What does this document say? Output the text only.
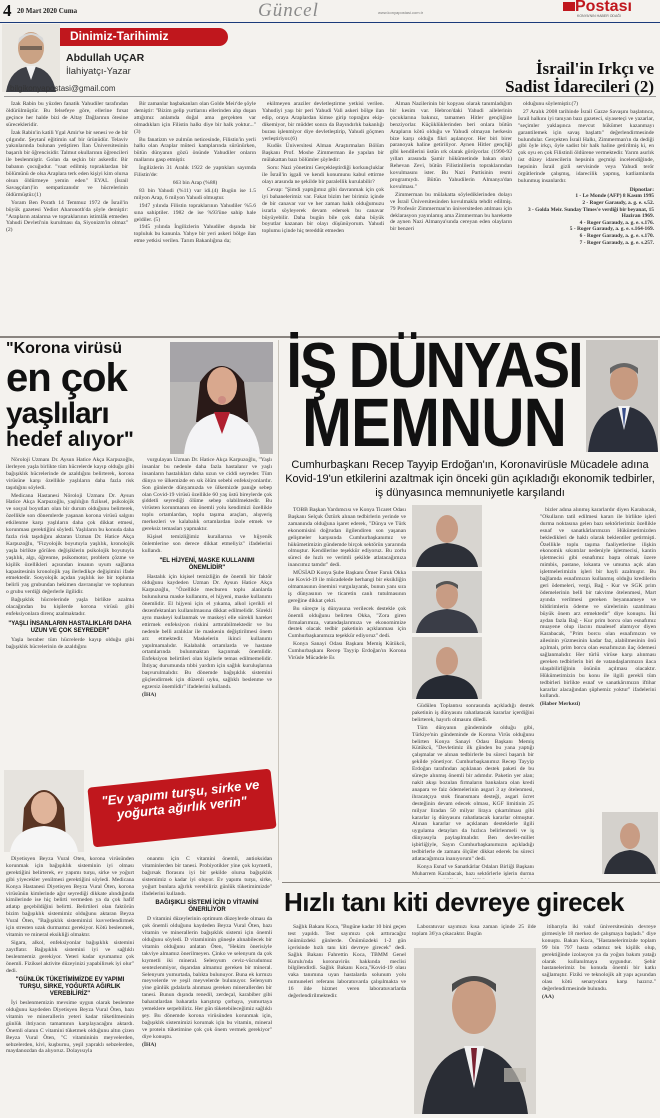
4 20 Mart 2020 Cuma	Güncel	www.konyapostasi.com.tr	Postası
KONYA'NIN HABER ODAĞI
Dinimiz-Tarihimiz
Abdullah UÇAR
İlahiyatçı-Yazar
bilgikonyapostasi@gmail.com
İsrail'in Irkçı ve
Sadist İdarecileri (2)

İzak Rabin bu yüzden fanatik Yahudiler tarafından öldürülmüştür. Bu felsefeye göre, ellerine fırsat geçince her halde bizi de Altay Dağlarının ötesine sürecekleridir.

İzak Rabin'in katili Ygal Amir'se bir senesi ve de bir çılgındır. Şeytanî eğitimin saf bir ürünüdür. Telaviv yakınlarında bulunan yetiştiren İlan Üniversitesinin başarılı bir öğrencisidir. Talmut okullarının öğrencileri ile beslenmiştir. Golan da seçkin bir askerdir. Bir babanın çocuğudur. "vaat edilmiş topraklardan bir bölümünü de olsa Araplara terk eden kişiyi kim olursa olsun öldürmeye yemin eden" EYAL (İsrail Savaşçıları)'in sempatizanıdır ve hücrelerinin öldürmüştür.(1)

Yoram Ben Porath 14 Temmuz 1972 de İsrail'in büyük gazetesi Yediot Aharonoth'da şöyle demiştir: "Arapların atalarına ve topraklarının istimlâk etmeden Yahudi Devleti'nin kurulması da, Siyonizm'in olmaz"(2)

Bir zamanlar başbakanları olan Golde Meir'de şöyle demiştir: "Bizim gelip yurtlarını ellerinden alıp duşan attığımız anlamda doğal ama gerçekten var olmadıkları için Filistin halkı diye bir halk yoktur..."(3)

Bu fanatizm ve zulmün neticesinde, Filistin'in yerli halkı olan Araplar müteci kamplarında sürünürken, bütün dünyanın gözü önünde Yahudiler onların mallarını gasp etmiştir.

İngilizlerin 31 Aralık 1922 de yaptıkları sayımda Filistin'de:

663 bin Arap (%88)

83 bin Yahudi (%11) var idi.(4) Bugün ise 1.5 milyon Arap, 6 milyon Yahudi olmuştur.

1947 yılında Filistin topraklarının Yahudiler %5.6 sına sahiptiler. 1982 de ise %93'üne sahip hale geldiler. (5)

1945 yılında İngilizlerin Yahudiler dışında bir topluluk bu kanunla. Yahye bir yeri askeri bölge ilan etme yetkisi verilen. Tarım Bakanlığına da;

ekilmeyen araziler devletleştirme yetkisi verilen. Yahudiyi yaşı bir peri Yahudi Vali askeri bölge ilan edip, oraya Araplardan kimse girip toprağını ekip-dikemiyor, bir müddet sonra da Bayındırlık bakanlığı burası işlenmiyor diye devletleştirip, Yahudi göçmen yerleştiriyor.(6)

Kudüs Üniversitesi Alman Araştırmaları Bölüm Başkanı Prof. Moshe Zimmerman ile yapılan bir mülakattan bazı bölümler şöyledir:

Soru: Nazi yönetimi Gerçekleştirdiği korkunçluklar ile İsrail'in işgali ve kendi konumunu kabul ettirme olayı arasında ne şekilde bir paralellik kurulabilir?

Cevap: "Şimdi yaptığımız gibi davranmak için çok iyi bahanelerimiz var. Fakat bizim her birimiz içinde de bir canavar var ve her zaman haklı olduğumuzu israrla söyleyerek devam edersek bu canavar büyüyebilir. Daha bugün bile çok daha büyük boyutlar kazanan bir olayı düşünüyorum. Yahudi toplumu içinde hiç tereddüt etmeden

Alman Nazilerinin bir kopyası olarak tanımladığım bir kesim var. Hebron'daki Yahudi ailelerinin çocuklarına bakınız, tamamen Hitler gençliğine benziyorlar. Küçüklüklerinden beri onlara bütün Arapların kötü olduğu ve Yahudi olmayan herkesin bize karşı olduğu fikri aşılanıyor. Her biri birer paranoyak haline getiriliyor. Aynen Hitler gençliği gibi kendilerini üstün ırk olarak görüyorlar. (1990-92 yılları arasında Şamir hükümetinde bakan olan) Rehevan Zevi, bütün Filistinlilerin topraklarından kovulmasını ister. Bu Nazi Partisinin resmi programıydı. Bütün Yahudilerin Almanya'dan kovulması."

Zimmerman bu mülakatta söylediklerinden dolayı ve İsrail Üniversitesinden kovulmakla tehdit edilmiş. 79 Profesör Zimmerman'ın üniversiteden atılması için deklarasyon yayınlamış ama Zimmerman bu harekette de aynen Nazi Almanya'sında cereyan eden olayların bir benzeri

olduğunu söylemiştir.(7)

27 Aralık 2008 tarihinde İsrail Gazze Savaşını başlatınca, İsrail halkını iyi tanıyan bazı gazeteci, siyaseteçi ve yazarlar, "seçimler yaklaşınca mevcut hükümet kazanmayı garantilemek için savaş başlattı" değerlendirmesinde bulundular. Gerçekten İsrail Halkı, Zimmerman'ın da dediği gibi öyle irkçı, öyle sadist bir halk haline getirilmiş ki, en çok oyu en çok Filistinli öldürene vermektedir. Yarım asırlık üst düzey idarecilerin hepsinin geçmişi incelendiğinde, hepsinin İsrail gizli servisinde veya Yahudi terör örgütlerinde çalışmış, idarecilik yapmış, katliamlarda bulunmuş insanlardır.

Dipnotlar:
1 - Le Monde (AFP) 8 Kasım 1995
2 - Roger Garaudy, a. g. e. s.52.
3 - Golda Meir. Sunday Times'e verdiği bir beyanat, 15 Haziran 1969.
4 - Roger Garaudy, a. g. e. s.176.
5 - Roger Garaudy, a. g. e. s.164-169.
6 - Roger Garaudy, a. g. e. s.170.
7 - Roger Garaudy, a. g. e. s.257.
"Korona virüsü
en çok
yaşlıları
hedef alıyor"

Nöroloji Uzmanı Dr. Aysun Hatice Akça Karpuzoğlu, ilerleyen yaşla birlikte tüm hücrelerde kayıp olduğu gibi bağışıklık hücrelerinde de azaldığını belirterek, korona virüsüne karşı özellikle yaşlıların daha fazla risk taşıdığını söyledi.

Medicana Hastanesi Nöroloji Uzmanı Dr. Aysun Hatice Akça Karpuzoğlu, yaşlılığın fiziksel, psikolojik ve sosyal boyutları olan bir durum olduğunu belirterek, özellikle son dönemlerde yaşanan korona virüsü salgını etkilenme karşı yaşlıların daha çok dikkat etmesi, korunması gerektiğini söyledi. Yaşlıların bu konuda daha fazla risk taşıdığını aktaran Uzman Dr. Hatice Akça Karpuzoğlu, "Fizyolojik boyutuyla yaşlılık, kronolojik yaşla birlikte görülen değişiklerin psikolojik boyutuyla yaşlılık, algı, öğrenme, psikomotor, problem çözme ve kişilik özellikleri açısından insanın uyum sağlama kapasitesinin kronolojik yaş ilerledikçe değişimini ifade etmektedir. Sosyolojik açıdan yaşlılık ise bir topluma belirli yaş grubundan hekimen davranışlar ve toplumun o grubu verdiği değerlerle ilgilidir.

Bağışıklık hücrelerinde yaşla birlikte azalma olacağından bu kişilerde korona virüsü gibi enfeksiyonlara direnç azalmaktadır.

"YAŞLI İNSANLARIN HASTALIKLARI DAHA UZUN VE ÇOK SEYREDER"

Yaşla beraber tüm hücrelerde kayıp olduğu gibi bağışıklık hücrelerinin de azaldığını

vurgulayan Uzman Dr. Hatice Akça Karpuzoğlu, "Yaşlı insanlar bu nedenle daha fazla hastalanır ve yaşlı insanların hastalıkları daha uzun ve ciddi seyreder. Tüm dünya ve ülkemizde en sık ölüm sebebi enfeksiyonlardır. Son günlerde dünyamızda ve ülkemizde panığe sebep olan Covid-19 virüsü özellikle 60 yaş üstü bireylerde çok şiddetli seyrediği ölüme sebep olabilmektedir. Bu virüsten korunmanın en önemli yolu kendimizi özellikle toplu ortamlardan, toplu taşıma araçları, alışveriş merkezleri ve kalabalık ortamlardan izole etmek ve gereksiz temasları yapmaktır.

Kişisel temizliğimiz kurallarına ve hijyenik önlemlerine son derece dikkat etmeliyiz" ifadelerini kullandı.

"EL HİJYENİ, MASKE KULLANIMI ÖNEMLİDİR"

Hastalık için kişisel temizliğin de önemli bir faktör olduğunu kaydeden Uzman Dr. Aysun Hatice Akça Karpuzoğlu, "Özellikle mecburen toplu alanlarda bulunulursa maske kullanımı, el hijyeni, maske kullanımı önemlidir. El hijyeni için el yıkama, alkol içerikli el dezenfektanları kullanılmasına dikkat edilmelidir. Sürekli aynı maskeyi kullanmak ve maskeyi elle sürekli hareket ettirmek enfeksiyon riskini arttırabilmektedir ve bu nedenle belli aralıklar ile maskenin değiştirilmesi önem arz etmektedir. Maskelerin ikinci kullanımı yapılmamalıdır. Kalabalık ortamlarda ve hastane ortamlarında bulunmaktan kaçınmak önemlidir. Enfeksiyon belirtileri olan kişilerle temas edilmemelidir. İhtiyaç durumunda tıbbi yardım için sağlık kuruluşlarına başvurulmalıdır. Bu dönemde bağışıklık sistemini güçlendirmek için düzenli uyku, sağlıklı beslenme ve egzersiz önemlidir" ifadelerini kullandı.

(İHA)
"Ev yapımı turşu, sirke ve yoğurta ağırlık verin"

Diyetisyen Beyza Vural Öten, korona virüsünden korunmak için bağışıklık sisteminin iyi olması gerektiğini belirterek, ev yapımı turşu, sirke ve yoğurt gibi yiyecekler yenilmesi gerektiğini söyledi. Medicana Konya Hastanesi Diyetisyen Beyza Vural Öten, korona virüsünün kimlerinde ağır seyrediği dikkate alındığında kimilerinde ise hiç belirti vermeden ya da çok hafif atlatıp geçebildiğini belirtti. Belirtileri olan faktörün bizim bağışıklık sistemimiz olduğunu aktaran Beyza Vural Öten, "Bağışıklık sistemimizi kuvvetlendirmek için stresten uzak durmamız gerekiyor. Kötü beslenmek, vitamin ve mineral eksikliği olmaktır.

Sigara, alkol, enfeksiyonlar bağışıklık sistemini zayıflatır. Bağışıklık sistemini iyi ve sağlıklı beslenmemiz gerekiyor. Yeteri kadar uyumamız çok önemli. Fiziksel aktivite düzeyinizi yapabilirsek iyi olur" dedi.

"GÜNLÜK TÜKETİMİMİZDE EV YAPIMI TURŞU, SİRKE, YOĞURTA AĞIRLIK VEREBİLİRİZ"

İyi beslenmemizin mevsime uygun olarak beslenme olduğunu kaydeden Diyetisyen Beyza Vural Öten, bazı vitamin ve minerallerin yeteri kadar tüketilmesinin günlük ihtiyacın tamamının karşılayacağını aktardı. Önemli olanın C vitamini tüketmek olduğunu altın çizen Beyza Vural Öten, "C vitamininin meyvelerden, sebzelerden, kivi, kuşburnu, yeşil yapraklı sebzelerden, maydanozdan da alıyoruz. Dolayısıyla

onanmı için C vitamini önemli, antioksidan vitaminlerden bir tanesi. Probiyotikler yine çok kıymetli, bağırsak florasını iyi bir şekilde olursa bağışıklık sistemimiz o kadar iyi oluyor. Ev yapımı turşu, sirke, yoğurt bunlara ağırlık verebiliriz günlük tüketimimizde" ifadelerini kullandı.

BAĞIŞIKLI SİSTEMİ İÇİN D VİTAMİNİ ÖNERİLİYOR

D vitamini düzeylerinin optimum düzeylerde olması da çok önemli olduğunu kaydeden Beyza Vural Öten, bazı vitamin ve minerallerin bağışıklık sistemi için önemli olduğunu söyledi. D vitamininin güneşle alınabilecek bir vitamin olduğunu anlatan Öten, "Hekim önerisiyle takviye almamız önerilmeyen. Çinko ve selenyum da çok kıymetli iki mineral. Selenyum ceviz-vücudumuz sentezlenmiyor, dışarıdan almamız gereken bir mineral. Selenyum yumurtada, balıkta bulunuyor. Buna ek kırmızı meyvelerde ve yeşil meyvelerde bulunuyor. Selenyum yine günlük gıdalarla alınması gereken minerallerden bir tanesi. Bunun dışında renedil, zerdeçal, karabiber gibi baharatlardan baharatla karıştırıp çorbaya, yumurtaya yemeklere serpebiliriz. Her gün tüketebileceğimiz sağlıklı şey. Bu dönemde korona virüsünden korunmak için, bağışıklık sistemimizi korumak için bu vitamin, mineral ve protein tüketimine çok çok önem vermek gerekiyor" diye konuştu.

(İHA)
İŞ DÜNYASI
MEMNUN
Cumhurbaşkanı Recep Tayyip Erdoğan'ın, Koronavirüsle Mücadele adına Kovid-19'un etkilerini azaltmak için önceki gün açıkladığı ekonomik tedbirler, iş dünyasınca memnuniyetle karşılandı

TOBB Başkan Yardımcısı ve Konya Ticaret Odası Başkanı Selçuk Öztürk alınan tedbirlerin yerinde ve zamanında olduğuna işaret ederek, "Dünya ve Türk ekonomisini doğrudan ilgilendiren son yaşanan gelişmeler karşısında Cumhurbaşkanımız ve hükümetimizin gündemde birçok sektörün yararında olmuştur. Kendilerine teşekkür ediyoruz. Bu zorlu süreci de hızlı ve verimli şekilde atlatacağımıza inancımız tamdır" dedi.

MÜSİAD Konya Şube Başkanı Ömer Faruk Okka ise Kovid-19 ile mücadelede herhangi bir eksikliğin olmamasının önemini vurgulayarak, bunun yanı sıra iş dünyasının ve ticaretin canlı tutulmasının gereğine dikkat çekti.

Bu süreçte iş dünyasına verilecek destekle çok önemli olduğunu belirten Okka, "Zora giren firmalarımıza, vatandaşlarımıza ve ekonomimize destek olacak tedbir paketinin açıklanması için Cumhurbaşkanımıza teşekkür ediyoruz" dedi.

Konya Sanayi Odası Başkanı Memiş Kütükcü, Cumhurbaşkanı Recep Tayyip Erdoğan'ın Korona Virüsle Mücadele Es

Güdülen Toplantısı sonrasında açıkladığı destek paketinin iş dünyasını rahatlatacak kararlar içerdiğini belirterek, hayırlı olmasını diledi.

Tüm dünyanın gündeminde olduğu gibi, Türkiye'nin gündeminde de Korona Virüs olduğunu belirten Konya Sanayi Odası Başkanı Memiş Kütükcü, "Devletimiz ilk günden bu yana yaptığı çalışmalar ve alınan tedbirlerle bu süreci başarılı bir şekilde yönetiyor. Cumhurbaşkanımız Recep Tayyip Erdoğan tarafından açıklanan destek paketi de bu süreçte alınmış önemli bir adımdır. Paketin yer alan; nakit akışı bozulan firmaların bankalara olan kredi anapara ve faiz ödemelerinin asgari 3 ay ötelenmesi, ihracatçıya stok finansmanı desteği, asgari ücret desteğinin devam edecek olması, KGF limitinin 25 milyar liradan 50 milyar liraya çıkartılması gibi kararlar iş dünyasını rahatlatacak kararlar olmuştur. Alınan kararlar ve açıklanan desteklerle ilgili uygulama detayları da hızlıca belirlenmeli ve iş dünyasıyla paylaşılmalıdır. Ben devlet-millet işbirliğiyle, Sayın Cumhurbaşkanımızın açıkladığı tedbirlerle de zamanı ölçüler dikkat ederek bu süreci atlatacağımıza inanıyorum" dedi.

Konya Esnaf ve Sanatkârlar Odaları Birliği Başkanı Muharrem Karabacak, bazı sektörlerle işlerin durma

bizler adına alınmış kararlardır diyen Karabacak, "Okulların tatil edilmesi kararı ile birlikte işleri durma noktasına gelen bazı sektörlerimiz özellikle esnaf ve sanatkârlarımızın Hükümetimizden bekledikleri de haklı olarak beklentiler getirmişti. Özellikle toplu taşıma faaliyetlerine ilişkin ekonomik sıkıntılar nedeniyle işletmecisi, kantin işletmecisi gibi esnafımız başta olmak üzere mimbis, pastane, lokanta ve umuma açık alan işletmelerimizin işleri bir hayli azalmıştır. Bu bağlamda esnafımızın kullanmış olduğu kredilerin geri ödemeleri, vergi, Bağ - Kur ve SGK prim ödemelerinin belli bir takvime ötelenmesi, Mart ayında verilmesi gereken beyannameye ve bildirimlerin ödeme ve sürelerinin uzatılması büyük önem arz etmektedir" diye konuştu. İki aydan fazla Bağ - Kur prim borcu olan esnafımız muayene olup ilacını maalesef alamıyor diyen Karabacak, "Prim borcu olan esnafımızın ve ailesinin yüzmesinin kadar faz, alabilmesinin önü açılmalı, prim borcu olan esnafımızın ilaç ödemesi sağlanmalıdır. Her türlü virüse karşı alınması gereken tedbirlerin biri de vatandaşlarımızın ilaca ulaşabilirliğinin önünün açılması olacaktır. Hükümetimizin bu konu ile ilgili gerekli tüm tedbirleri birlikte esnaf ve sanatkârımızın iftihar kararlar alacağından şüphemiz yoktur" ifadelerini kullandı.

(Haber Merkezi)
Hızlı tanı kiti devreye girecek

Sağlık Bakanı Koca, "Bugüne kadar 10 bini geçen test yapıldı. Test sayımızı çok arttıracağız önümüzdeki günlerde. Önümüzdeki 1-2 gün içerisinde hızlı tanı kiti devreye girecek" dedi. Sağlık Bakanı Fahrettin Koca, TBMM Genel Kurulu'nda koronavirüs hakkında meclisi bilgilendirdi. Sağlık Bakanı Koca,"Kovid-19 olası vaka tanımına uyan hastalarda solunum yolu numuneleri referans laboratuvarda çalışılmakta ve 16 ilde hizmet veren laboratuvarlarda değerlendirilmektedir.

Laboratuvar sayımızı kısa zaman içinde 25 ilde toplam 36'ya çıkacaktır. Bugün

itibarıyla iki vakıf üniversitesinin devreye girmesiyle 18 merkez de çalışmaya başladı." diye konuştu. Bakan Koca, "Hastanelerimizde toplam 99 bin 797 hasta odamız tek kişilik olup, gerektiğinde izolasyon ya da yoğun bakım yatağı olarak kullanılmaya uygundur. Şehir hastanelerimiz bu konuda önemli bir katkı sağlamıştır. Fiziki ve teknolojik alt yapı açısından olası kötü senaryolara karşı hazırız." değerlendirmesinde bulundu.

(AA)
